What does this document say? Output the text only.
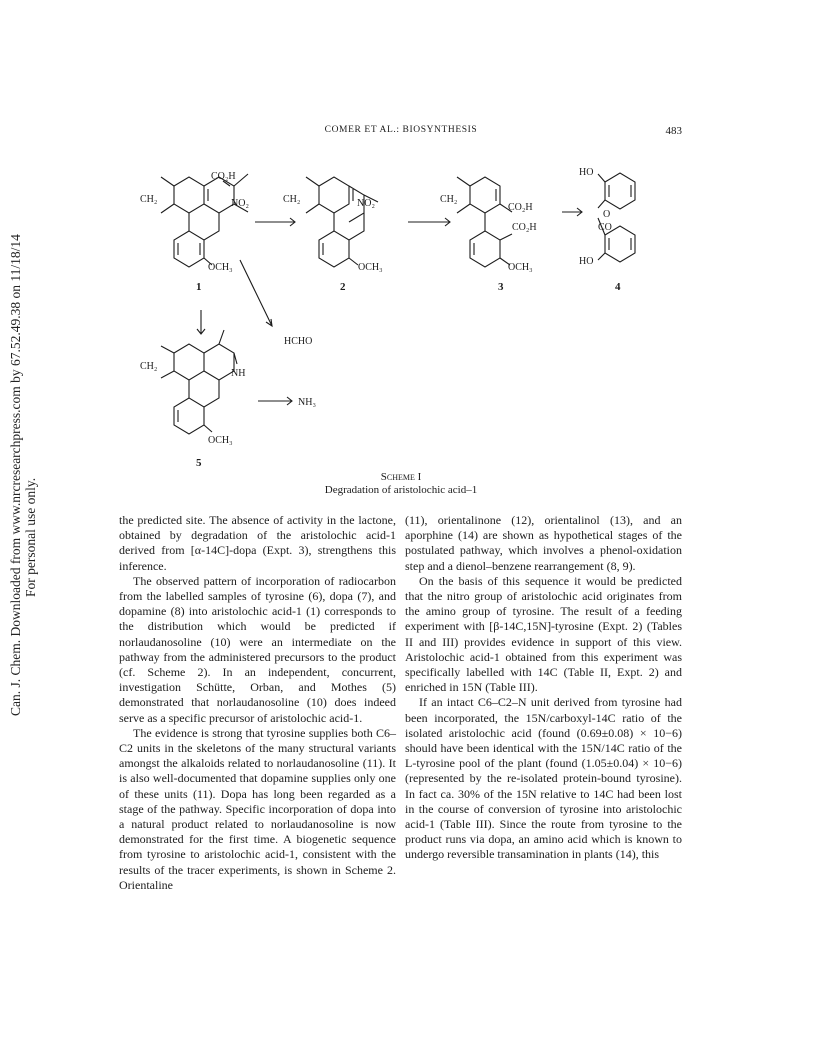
Can. J. Chem. Downloaded from www.nrcresearchpress.com by 67.52.49.38 on 11/18/14 For personal use only.
COMER ET AL.: BIOSYNTHESIS	483
CO₂H
NO₂
OCH₃
CH₂	NO₂
OCH₃
CH₂
CO₂H
CO₂H
OCH₃
CH₂
HO
HO
O
CO
NH
OCH₃
CH₂
HCHO
NH₃
1	2	3	4
5
Scheme I
Degradation of aristolochic acid–1

the predicted site. The absence of activity in the lactone, obtained by degradation of the aristolochic acid-1 derived from [α-14C]-dopa (Expt. 3), strengthens this inference.

The observed pattern of incorporation of radiocarbon from the labelled samples of tyrosine (6), dopa (7), and dopamine (8) into aristolochic acid-1 (1) corresponds to the distribution which would be predicted if norlaudanosoline (10) were an intermediate on the pathway from the administered precursors to the product (cf. Scheme 2). In an independent, concurrent, investigation Schütte, Orban, and Mothes (5) demonstrated that norlaudanosoline (10) does indeed serve as a specific precursor of aristolochic acid-1.

The evidence is strong that tyrosine supplies both C6–C2 units in the skeletons of the many structural variants amongst the alkaloids related to norlaudanosoline (11). It is also well-documented that dopamine supplies only one of these units (11). Dopa has long been regarded as a stage of the pathway. Specific incorporation of dopa into a natural product related to norlaudanosoline is now demonstrated for the first time. A biogenetic sequence from tyrosine to aristolochic acid-1, consistent with the results of the tracer experiments, is shown in Scheme 2. Orientaline

(11), orientalinone (12), orientalinol (13), and an aporphine (14) are shown as hypothetical stages of the postulated pathway, which involves a phenol-oxidation step and a dienol–benzene rearrangement (8, 9).

On the basis of this sequence it would be predicted that the nitro group of aristolochic acid originates from the amino group of tyrosine. The result of a feeding experiment with [β-14C,15N]-tyrosine (Expt. 2) (Tables II and III) provides evidence in support of this view. Aristolochic acid-1 obtained from this experiment was specifically labelled with 14C (Table II, Expt. 2) and enriched in 15N (Table III).

If an intact C6–C2–N unit derived from tyrosine had been incorporated, the 15N/carboxyl-14C ratio of the isolated aristolochic acid (found (0.69±0.08) × 10−6) should have been identical with the 15N/14C ratio of the L-tyrosine pool of the plant (found (1.05±0.04) × 10−6) (represented by the re-isolated protein-bound tyrosine). In fact ca. 30% of the 15N relative to 14C had been lost in the course of conversion of tyrosine into aristolochic acid-1 (Table III). Since the route from tyrosine to the product runs via dopa, an amino acid which is known to undergo reversible transamination in plants (14), this
